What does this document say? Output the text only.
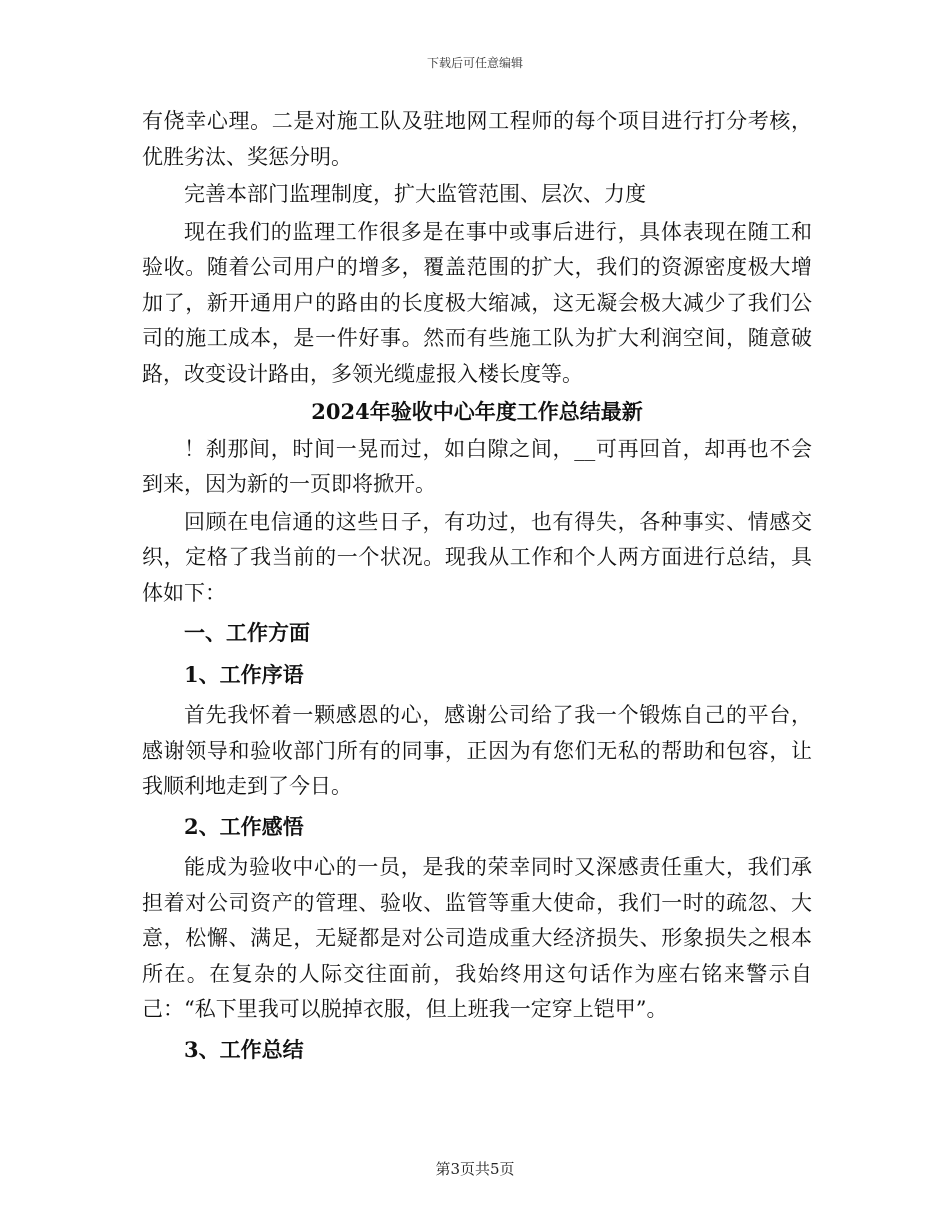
下载后可任意编辑

有侥幸心理。二是对施工队及驻地网工程师的每个项目进行打分考核，优胜劣汰、奖惩分明。

完善本部门监理制度，扩大监管范围、层次、力度

现在我们的监理工作很多是在事中或事后进行，具体表现在随工和验收。随着公司用户的增多，覆盖范围的扩大，我们的资源密度极大增加了，新开通用户的路由的长度极大缩减，这无凝会极大减少了我们公司的施工成本，是一件好事。然而有些施工队为扩大利润空间，随意破路，改变设计路由，多领光缆虚报入楼长度等。

2024年验收中心年度工作总结最新

！刹那间，时间一晃而过，如白隙之间，__可再回首，却再也不会到来，因为新的一页即将掀开。

回顾在电信通的这些日子，有功过，也有得失，各种事实、情感交织，定格了我当前的一个状况。现我从工作和个人两方面进行总结，具体如下：

一、工作方面

1、工作序语

首先我怀着一颗感恩的心，感谢公司给了我一个锻炼自己的平台，感谢领导和验收部门所有的同事，正因为有您们无私的帮助和包容，让我顺利地走到了今日。

2、工作感悟

能成为验收中心的一员，是我的荣幸同时又深感责任重大，我们承担着对公司资产的管理、验收、监管等重大使命，我们一时的疏忽、大意，松懈、满足，无疑都是对公司造成重大经济损失、形象损失之根本所在。在复杂的人际交往面前，我始终用这句话作为座右铭来警示自己：“私下里我可以脱掉衣服，但上班我一定穿上铠甲”。

3、工作总结

第3页共5页
